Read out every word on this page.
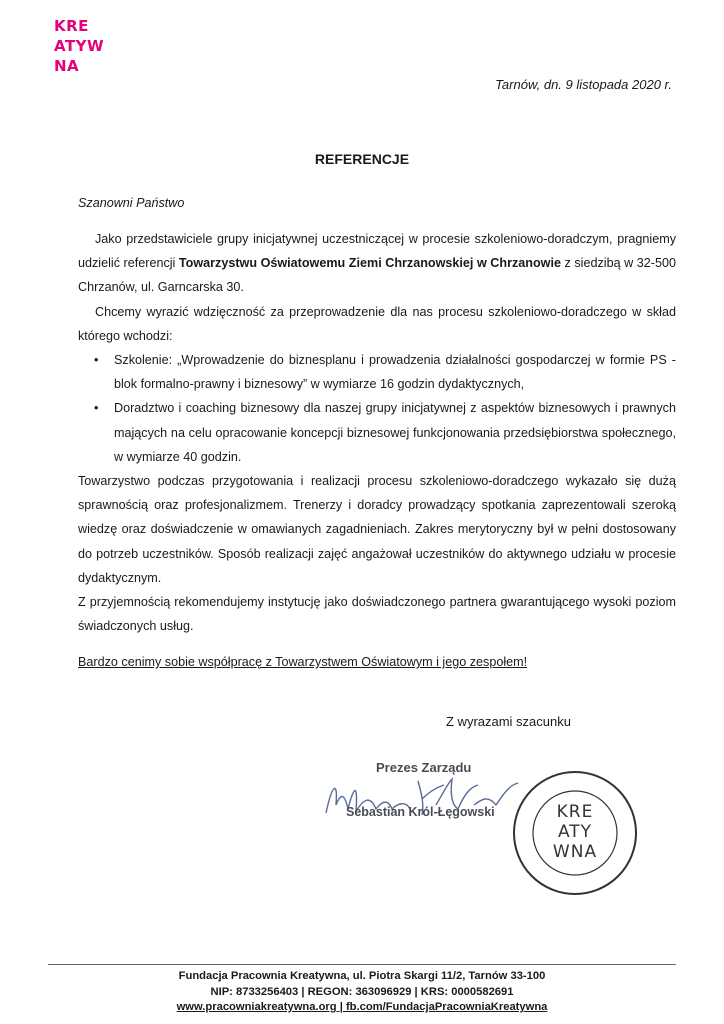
KRE
ATYW
NA
Tarnów, dn. 9 listopada 2020 r.
REFERENCJE
Szanowni Państwo

Jako przedstawiciele grupy inicjatywnej uczestniczącej w procesie szkoleniowo-doradczym, pragniemy udzielić referencji Towarzystwu Oświatowemu Ziemi Chrzanowskiej w Chrzanowie z siedzibą w 32-500 Chrzanów, ul. Garncarska 30.

Chcemy wyrazić wdzięczność za przeprowadzenie dla nas procesu szkoleniowo-doradczego w skład którego wchodzi:

• Szkolenie: „Wprowadzenie do biznesplanu i prowadzenia działalności gospodarczej w formie PS -blok formalno-prawny i biznesowy” w wymiarze 16 godzin dydaktycznych,
• Doradztwo i coaching biznesowy dla naszej grupy inicjatywnej z aspektów biznesowych i prawnych mających na celu opracowanie koncepcji biznesowej funkcjonowania przedsiębiorstwa społecznego, w wymiarze 40 godzin.

Towarzystwo podczas przygotowania i realizacji procesu szkoleniowo-doradczego wykazało się dużą sprawnością oraz profesjonalizmem. Trenerzy i doradcy prowadzący spotkania zaprezentowali szeroką wiedzę oraz doświadczenie w omawianych zagadnieniach. Zakres merytoryczny był w pełni dostosowany do potrzeb uczestników. Sposób realizacji zajęć angażował uczestników do aktywnego udziału w procesie dydaktycznym.

Z przyjemnością rekomendujemy instytucję jako doświadczonego partnera gwarantującego wysoki poziom świadczonych usług.

Bardzo cenimy sobie współpracę z Towarzystwem Oświatowym i jego zespołem!
Z wyrazami szacunku
Prezes Zarządu
Sebastian Król-Łęgowski	KRE
ATY
WNA
Fundacja Pracownia Kreatywna, ul. Piotra Skargi 11/2, Tarnów 33-100
NIP: 8733256403 | REGON: 363096929 | KRS: 0000582691
www.pracowniakreatywna.org | fb.com/FundacjaPracowniaKreatywna
